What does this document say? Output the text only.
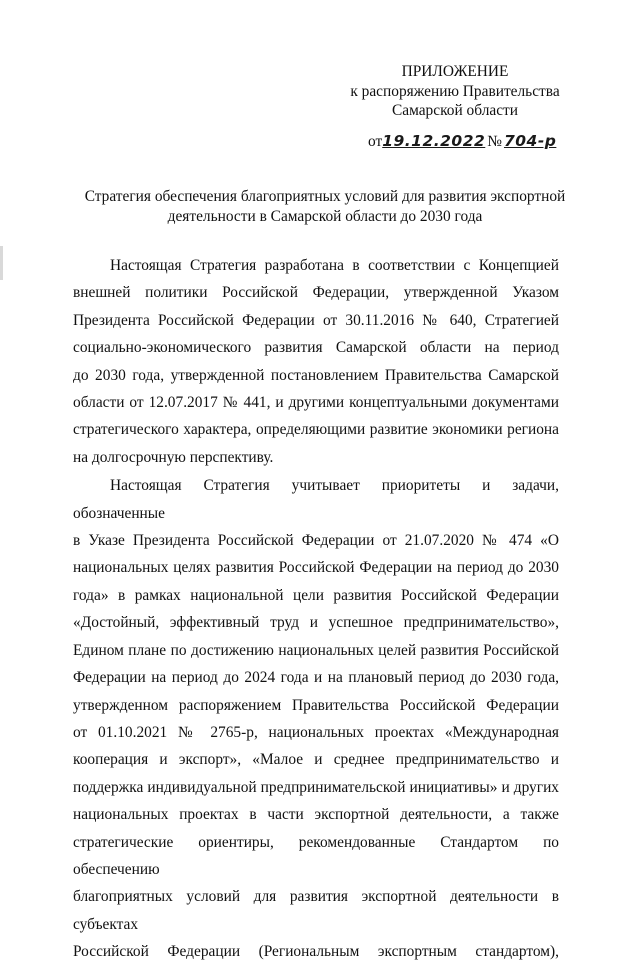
ПРИЛОЖЕНИЕ
к распоряжению Правительства
Самарской области
от19.12.2022 № 704-р
Стратегия обеспечения благоприятных условий для развития экспортной
деятельности в Самарской области до 2030 года
Настоящая Стратегия разработана в соответствии с Концепцией
внешней политики Российской Федерации, утвержденной Указом
Президента Российской Федерации от 30.11.2016 № 640, Стратегией
социально-экономического развития Самарской области на период
до 2030 года, утвержденной постановлением Правительства Самарской
области от 12.07.2017 № 441, и другими концептуальными документами
стратегического характера, определяющими развитие экономики региона
на долгосрочную перспективу.
Настоящая Стратегия учитывает приоритеты и задачи, обозначенные
в Указе Президента Российской Федерации от 21.07.2020 № 474 «О
национальных целях развития Российской Федерации на период до 2030
года» в рамках национальной цели развития Российской Федерации
«Достойный, эффективный труд и успешное предпринимательство»,
Едином плане по достижению национальных целей развития Российской
Федерации на период до 2024 года и на плановый период до 2030 года,
утвержденном распоряжением Правительства Российской Федерации
от 01.10.2021 № 2765-р, национальных проектах «Международная
кооперация и экспорт», «Малое и среднее предпринимательство и
поддержка индивидуальной предпринимательской инициативы» и других
национальных проектах в части экспортной деятельности, а также
стратегические ориентиры, рекомендованные Стандартом по обеспечению
благоприятных условий для развития экспортной деятельности в субъектах
Российской Федерации (Региональным экспортным стандартом),
